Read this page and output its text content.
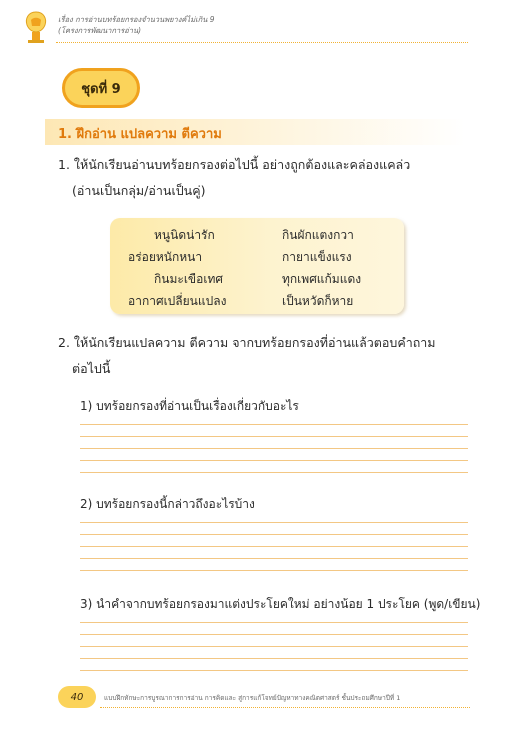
เรื่อง การอ่านบทร้อยกรองจำนวนพยางค์ไม่เกิน 9
(โครงการพัฒนาการอ่าน)
ชุดที่ 9
1. ฝึกอ่าน แปลความ ตีความ
1. ให้นักเรียนอ่านบทร้อยกรองต่อไปนี้ อย่างถูกต้องและคล่องแคล่ว
(อ่านเป็นกลุ่ม/อ่านเป็นคู่)
หนูนิดน่ารัก
อร่อยหนักหนา
กินมะเขือเทศ
อากาศเปลี่ยนแปลง
กินผักแตงกวา
กายาแข็งแรง
ทุกเพศแก้มแดง
เป็นหวัดก็หาย
2. ให้นักเรียนแปลความ ตีความ จากบทร้อยกรองที่อ่านแล้วตอบคำถาม
ต่อไปนี้
1) บทร้อยกรองที่อ่านเป็นเรื่องเกี่ยวกับอะไร
2) บทร้อยกรองนี้กล่าวถึงอะไรบ้าง
3) นำคำจากบทร้อยกรองมาแต่งประโยคใหม่ อย่างน้อย 1 ประโยค (พูด/เขียน)
40	แบบฝึกทักษะการบูรณาการการอ่าน การคิดและ สู่การแก้โจทย์ปัญหาทางคณิตศาสตร์ ชั้นประถมศึกษาปีที่ 1
